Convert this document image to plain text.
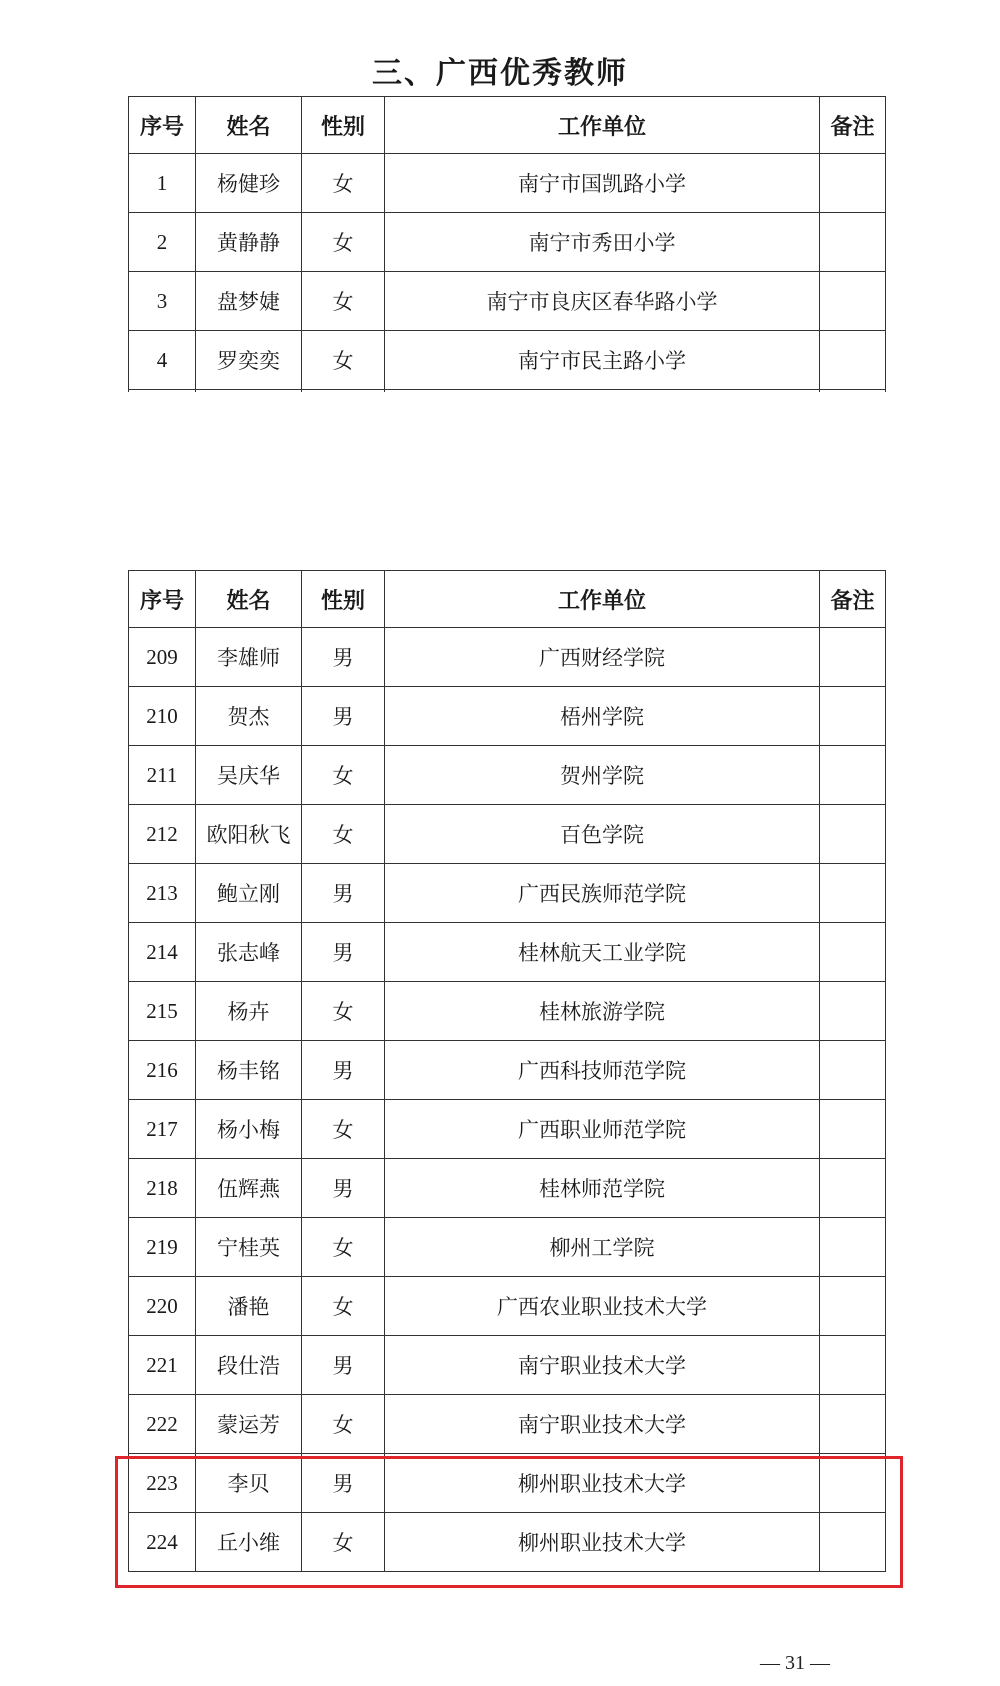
三、广西优秀教师
序号	姓名	性别	工作单位	备注
1	杨健珍	女	南宁市国凯路小学	
2	黄静静	女	南宁市秀田小学	
3	盘梦婕	女	南宁市良庆区春华路小学	
4	罗奕奕	女	南宁市民主路小学	

序号	姓名	性别	工作单位	备注
209	李雄师	男	广西财经学院	
210	贺杰	男	梧州学院	
211	吴庆华	女	贺州学院	
212	欧阳秋飞	女	百色学院	
213	鲍立刚	男	广西民族师范学院	
214	张志峰	男	桂林航天工业学院	
215	杨卉	女	桂林旅游学院	
216	杨丰铭	男	广西科技师范学院	
217	杨小梅	女	广西职业师范学院	
218	伍辉燕	男	桂林师范学院	
219	宁桂英	女	柳州工学院	
220	潘艳	女	广西农业职业技术大学	
221	段仕浩	男	南宁职业技术大学	
222	蒙运芳	女	南宁职业技术大学	
223	李贝	男	柳州职业技术大学	
224	丘小维	女	柳州职业技术大学	
— 31 —
